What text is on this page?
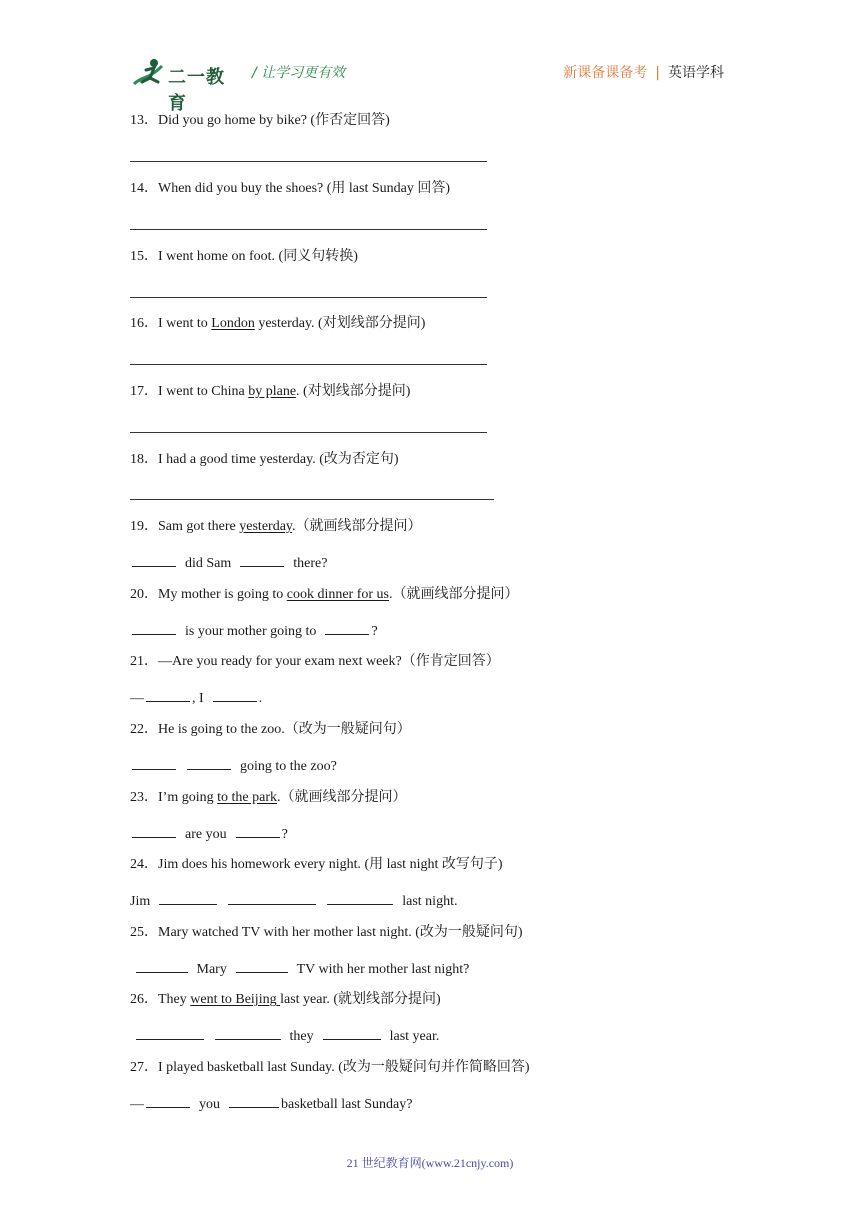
二一教育
/ 让学习更有效	新课备课备考 | 英语学科
13．Did you go home by bike? (作否定回答)
14．When did you buy the shoes? (用 last Sunday 回答)
15．I went home on foot. (同义句转换)
16．I went to London yesterday. (对划线部分提问)
17．I went to China by plane. (对划线部分提问)
18．I had a good time yesterday. (改为否定句)
19．Sam got there yesterday.（就画线部分提问）
did Sam	there?
20．My mother is going to cook dinner for us.（就画线部分提问）
is your mother going to	?
21．—Are you ready for your exam next week?（作肯定回答）
—	, I	.
22．He is going to the zoo.（改为一般疑问句）
going to the zoo?
23．I’m going to the park.（就画线部分提问）
are you	?
24．Jim does his homework every night. (用 last night 改写句子)
Jim	last night.
25．Mary watched TV with her mother last night. (改为一般疑问句)
Mary	TV with her mother last night?
26．They went to Beijing last year. (就划线部分提问)
they	last year.
27．I played basketball last Sunday. (改为一般疑问句并作简略回答)
—	you	basketball last Sunday?
21 世纪教育网(www.21cnjy.com)
